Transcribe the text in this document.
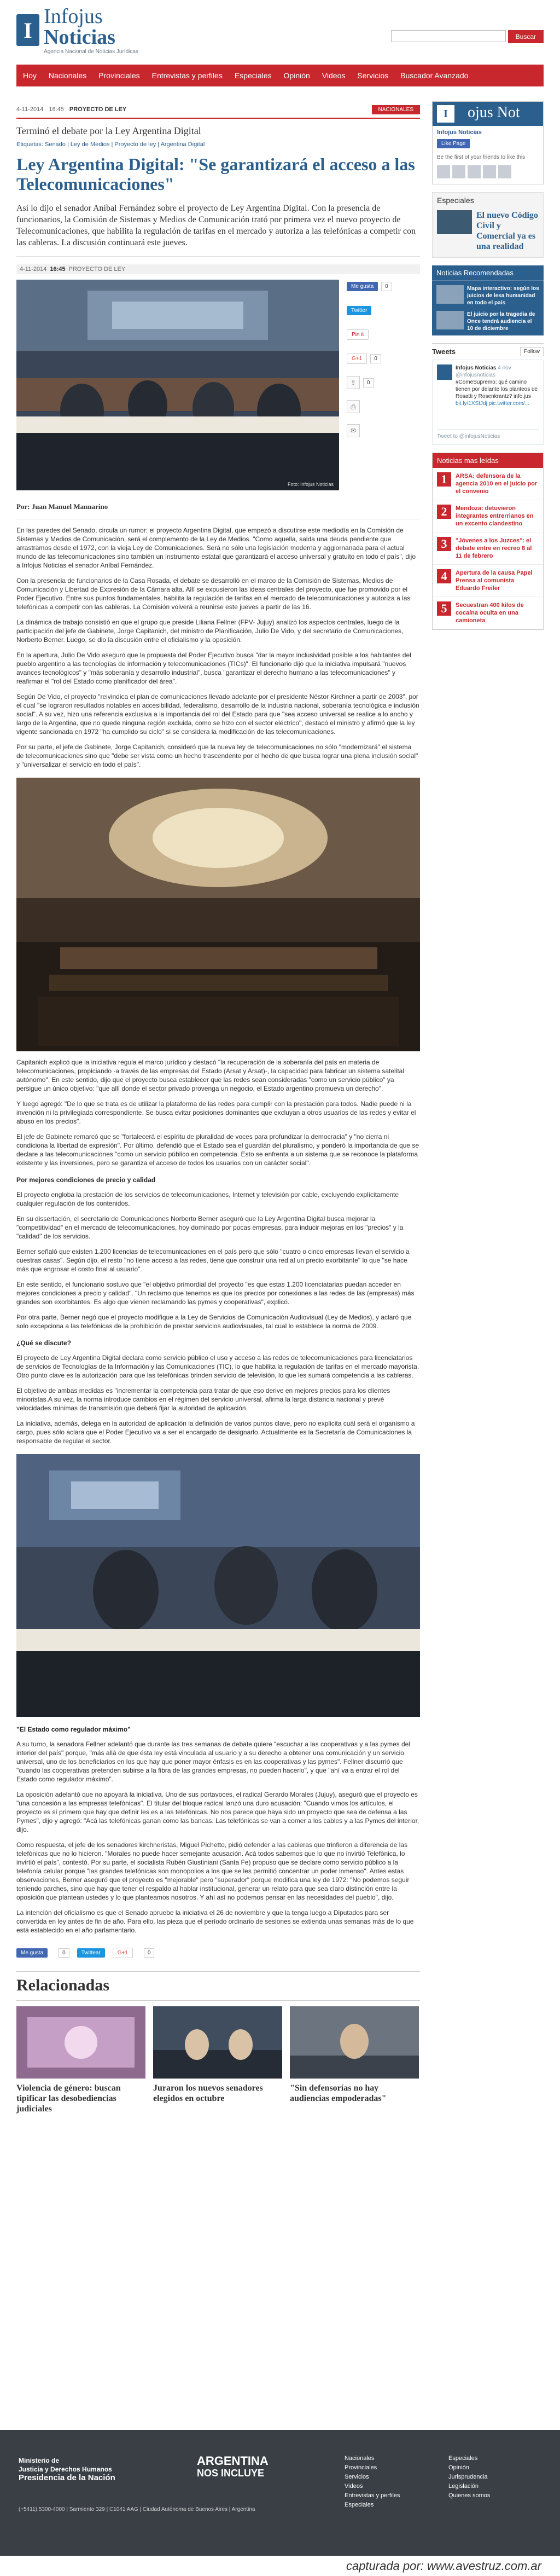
I
Infojus Noticias
Agencia Nacional de Noticias Jurídicas
Buscar
Hoy	Nacionales	Provinciales	Entrevistas y perfiles	Especiales	Opinión	Videos	Servicios	Buscador Avanzado
4-11-2014 16:45 PROYECTO DE LEY	NACIONALES
Terminó el debate por la Ley Argentina Digital
Etiquetas: Senado | Ley de Medios | Proyecto de ley | Argentina Digital
Ley Argentina Digital: "Se garantizará el acceso a las Telecomunicaciones"
Así lo dijo el senador Aníbal Fernández sobre el proyecto de Ley Argentina Digital. Con la presencia de funcionarios, la Comisión de Sistemas y Medios de Comunicación trató por primera vez el nuevo proyecto de Telecomunicaciones, que habilita la regulación de tarifas en el mercado y autoriza a las telefónicas a competir con las cableras. La discusión continuará este jueves.
4-11-2014 16:45 PROYECTO DE LEY
Foto: Infojus Noticias
Me gusta	0
Twitter
Pin it
G+1	0
⇪	0
⎙
✉
Por: Juan Manuel Mannarino

En las paredes del Senado, circula un rumor: el proyecto Argentina Digital, que empezó a discutirse este mediodía en la Comisión de Sistemas y Medios de Comunicación, será el complemento de la Ley de Medios. "Como aquella, salda una deuda pendiente que arrastramos desde el 1972, con la vieja Ley de Comunicaciones. Será no sólo una legislación moderna y aggiornanada para el actual mundo de las telecomunicaciones sino también un instrumento estatal que garantizará el acceso universal y gratuito en todo el país", dijo a Infojus Noticias el senador Aníbal Fernández.

Con la presencia de funcionarios de la Casa Rosada, el debate se desarrolló en el marco de la Comisión de Sistemas, Medios de Comunicación y Libertad de Expresión de la Cámara alta. Allí se expusieron las ideas centrales del proyecto, que fue promovido por el Poder Ejecutivo. Entre sus puntos fundamentales, habilita la regulación de tarifas en el mercado de telecomunicaciones y autoriza a las telefónicas a competir con las cableras. La Comisión volverá a reunirse este jueves a partir de las 16.

La dinámica de trabajo consistió en que el grupo que preside Liliana Fellner (FPV- Jujuy) analizó los aspectos centrales, luego de la participación del jefe de Gabinete, Jorge Capitanich, del ministro de Planificación, Julio De Vido, y del secretario de Comunicaciones, Norberto Berner. Luego, se dio la discusión entre el oficialismo y la oposición.

En la apertura, Julio De Vido aseguró que la propuesta del Poder Ejecutivo busca "dar la mayor inclusividad posible a los habitantes del pueblo argentino a las tecnologías de información y telecomunicaciones (TICs)". El funcionario dijo que la iniciativa impulsará "nuevos avances tecnológicos" y "más soberanía y desarrollo industrial", busca "garantizar el derecho humano a las telecomunicaciones" y reafirmar el "rol del Estado como planificador del área".

Según De Vido, el proyecto "reivindica el plan de comunicaciones llevado adelante por el presidente Néstor Kirchner a partir de 2003", por el cual "se lograron resultados notables en accesibilidad, federalismo, desarrollo de la industria nacional, soberanía tecnológica e inclusión social". A su vez, hizo una referencia exclusiva a la importancia del rol del Estado para que "sea acceso universal se realice a lo ancho y largo de la Argentina, que no quede ninguna región excluida, como se hizo con el sector eléctrico", destacó el ministro y afirmó que la ley vigente sancionada en 1972 "ha cumplido su ciclo" si se considera la modificación de las telecomunicaciones.

Por su parte, el jefe de Gabinete, Jorge Capitanich, consideró que la nueva ley de telecomunicaciones no sólo "modernizará" el sistema de telecomunicaciones sino que "debe ser vista como un hecho trascendente por el hecho de que busca lograr una plena inclusión social" y "universalizar el servicio en todo el país".

Capitanich explicó que la iniciativa regula el marco jurídico y destacó "la recuperación de la soberanía del país en materia de telecomunicaciones, propiciando -a través de las empresas del Estado (Arsat y Arsat)-, la capacidad para fabricar un sistema satelital autónomo". En este sentido, dijo que el proyecto busca establecer que las redes sean consideradas "como un servicio público" ya persigue un único objetivo: "que allí donde el sector privado provenga un negocio, el Estado argentino promueva un derecho".

Y luego agregó: "De lo que se trata es de utilizar la plataforma de las redes para cumplir con la prestación para todos. Nadie puede ni la invención ni la privilegiada correspondiente. Se busca evitar posiciones dominantes que excluyan a otros usuarios de las redes y evitar el abuso en los precios".

El jefe de Gabinete remarcó que se "fortalecerá el espíritu de pluralidad de voces para profundizar la democracia" y "no cierra ni condiciona la libertad de expresión". Por último, defendió que el Estado sea el guardián del pluralismo, y ponderó la importancia de que se declare a las telecomunicaciones "como un servicio público en competencia. Esto se enfrenta a un sistema que se reconoce la plataforma existente y las inversiones, pero se garantiza el acceso de todos los usuarios con un carácter social".

Por mejores condiciones de precio y calidad

El proyecto engloba la prestación de los servicios de telecomunicaciones, Internet y televisión por cable, excluyendo explícitamente cualquier regulación de los contenidos.

En su dissertación, el secretario de Comunicaciones Norberto Berner aseguró que la Ley Argentina Digital busca mejorar la "competitividad" en el mercado de telecomunicaciones, hoy dominado por pocas empresas, para inducir mejoras en los "precios" y la "calidad" de los servicios.

Berner señaló que existen 1.200 licencias de telecomunicaciones en el país pero que sólo "cuatro o cinco empresas llevan el servicio a cuestras casas". Según dijo, el resto "no tiene acceso a las redes, tiene que construir una red al un precio exorbitante" lo que "se hace más que engrosar el costo final al usuario".

En este sentido, el funcionario sostuvo que "el objetivo primordial del proyecto "es que estas 1.200 licenciatarias puedan acceder en mejores condiciones a precio y calidad". "Un reclamo que tenemos es que los precios por conexiones a las redes de las (empresas) más grandes son exorbitantes. Es algo que vienen reclamando las pymes y cooperativas", explicó.

Por otra parte, Berner negó que el proyecto modifique a la Ley de Servicios de Comunicación Audiovisual (Ley de Medios), y aclaró que solo excepciona a las telefónicas de la prohibición de prestar servicios audiovisuales, tal cual lo establece la norma de 2009.

¿Qué se discute?

El proyecto de Ley Argentina Digital declara como servicio público el uso y acceso a las redes de telecomunicaciones para licenciatarios de servicios de Tecnologías de la Información y las Comunicaciones (TIC), lo que habilita la regulación de tarifas en el mercado mayorista. Otro punto clave es la autorización para que las telefónicas brinden servicio de televisión, lo que les sumará competencia a las cableras.

El objetivo de ambas medidas es "incrementar la competencia para tratar de que eso derive en mejores precios para los clientes minoristas.A su vez, la norma introduce cambios en el régimen del servicio universal, afirma la larga distancia nacional y prevé velocidades mínimas de transmisión que deberá fijar la autoridad de aplicación.

La iniciativa, además, delega en la autoridad de aplicación la definición de varios puntos clave, pero no explicita cuál será el organismo a cargo, pues sólo aclara que el Poder Ejecutivo va a ser el encargado de designarlo. Actualmente es la Secretaría de Comunicaciones la responsable de regular el sector.

"El Estado como regulador máximo"

A su turno, la senadora Fellner adelantó que durante las tres semanas de debate quiere "escuchar a las cooperativas y a las pymes del interior del país" porque, "más allá de que ésta ley está vinculada al usuario y a su derecho a obtener una comunicación y un servicio universal, uno de los beneficiarios en los que hay que poner mayor énfasis es en las cooperativas y las pymes". Fellner discurrió que "cuando las cooperativas pretenden subirse a la fibra de las grandes empresas, no pueden hacerlo", y que "ahí va a entrar el rol del Estado como regulador máximo".

La oposición adelantó que no apoyará la iniciativa. Uno de sus portavoces, el radical Gerardo Morales (Jujuy), aseguró que el proyecto es "una concesión a las empresas telefónicas". El titular del bloque radical lanzó una duro acusación: "Cuando vimos los artículos, el proyecto es sí primero que hay que definir les es a las telefónicas. No nos parece que haya sido un proyecto que sea de defensa a las Pymes", dijo y agregó: "Acá las telefónicas ganan como las bancas. Las telefónicas se van a comer a los cables y a las Pymes del interior, dijo.

Como respuesta, el jefe de los senadores kirchneristas, Miguel Pichetto, pidió defender a las cableras que trinfieron a diferencia de las telefónicas que no lo hicieron. "Morales no puede hacer semejante acusación. Acá todos sabemos que lo que no invirtió Telefónica, lo invirtió el país", contestó. Por su parte, el socialista Rubén Giustiniani (Santa Fe) propuso que se declare como servicio público a la telefonía celular porque "las grandes telefónicas son monopolios a los que se les permitió concentrar un poder inmenso". Antes estas observaciones, Berner aseguró que el proyecto es "mejorable" pero "superador" porque modifica una ley de 1972: "No podemos seguir teniendo parches, sino que hay que tener el respaldo al hablar institucional, generar un relato para que sea claro distinción entre la oposición que plantean ustedes y lo que planteamos nosotros. Y ahí así no podemos pensar en las necesidades del pueblo", dijo.

La intención del oficialismo es que el Senado apruebe la iniciativa el 26 de noviembre y que la tenga luego a Diputados para ser convertida en ley antes de fin de año. Para ello, las pieza que el período ordinario de sesiones se extienda unas semanas más de lo que está establecido en el año parlamentario.

Me gusta	0	Twittear	G+1	0
Relacionadas
Violencia de género: buscan tipificar las desobediencias judiciales
Juraron los nuevos senadores elegidos en octubre
"Sin defensorías no hay audiencias empoderadas"
I	ojus Not
Infojus Noticias
Like Page
Be the first of your friends to like this
Especiales
El nuevo Código Civil y Comercial ya es una realidad
Noticias Recomendadas
Mapa interactivo: según los juicios de lesa humanidad en todo el país
El juicio por la tragedia de Once tendrá audiencia el 10 de diciembre
Tweets	Follow
Infojus Noticias 4 nov
@infojusnoticias
#ComeSupremo: qué camino tienen por delante los planteos de Rosatti y Rosenkrantz? info.jus bit.ly/1XSIJdj pic.twitter.com/...
Tweet to @infojusNoticias
Noticias mas leídas
1	ARSA: defensora de la agencia 2010 en el juicio por el convenio
2	Mendoza: detuvieron integrantes entrerrianos en un excento clandestino
3	"Jóvenes a los Juzces": el debate entre en recreo 8 al 11 de febrero
4	Apertura de la causa Papel Prensa al comunista Eduardo Freiler
5	Secuestran 400 kilos de cocaína oculta en una camioneta
Ministerio de
Justicia y Derechos Humanos
Presidencia de la Nación
ARGENTINA
NOS INCLUYE
Nacionales
Provinciales
Servicios
Videos
Entrevistas y perfiles
Especiales
Especiales
Opinión
Jurisprudencia
Legislación
Quienes somos
(+5411) 5300-4000 | Sarmiento 329 | C1041 AAG | Ciudad Autónoma de Buenos Aires | Argentina
capturada por: www.avestruz.com.ar
